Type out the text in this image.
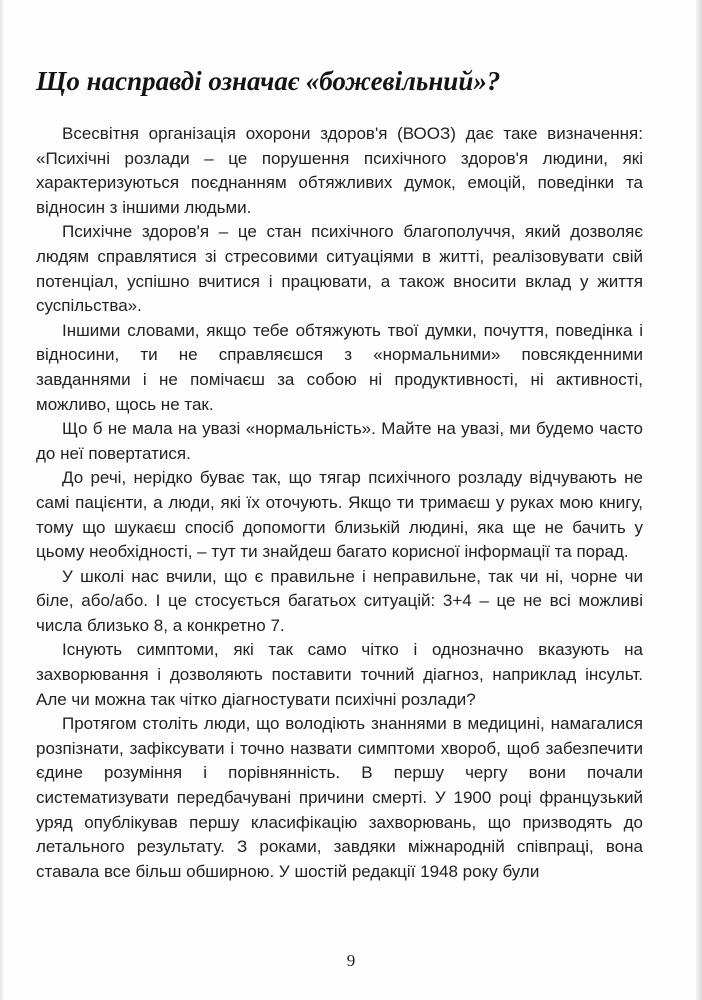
Що насправді означає «божевільний»?

Всесвітня організація охорони здоров'я (ВООЗ) дає таке визначення: «Психічні розлади – це порушення психічного здоров'я людини, які характеризуються поєднанням обтяжливих думок, емоцій, поведінки та відносин з іншими людьми.

Психічне здоров'я – це стан психічного благополуччя, який дозволяє людям справлятися зі стресовими ситуаціями в житті, реалізовувати свій потенціал, успішно вчитися і працювати, а також вносити вклад у життя суспільства».

Іншими словами, якщо тебе обтяжують твої думки, почуття, поведінка і відносини, ти не справляєшся з «нормальними» повсякденними завданнями і не помічаєш за собою ні продуктивності, ні активності, можливо, щось не так.

Що б не мала на увазі «нормальність». Майте на увазі, ми будемо часто до неї повертатися.

До речі, нерідко буває так, що тягар психічного розладу відчувають не самі пацієнти, а люди, які їх оточують. Якщо ти тримаєш у руках мою книгу, тому що шукаєш спосіб допомогти близькій людині, яка ще не бачить у цьому необхідності, – тут ти знайдеш багато корисної інформації та порад.

У школі нас вчили, що є правильне і неправильне, так чи ні, чорне чи біле, або/або. І це стосується багатьох ситуацій: 3+4 – це не всі можливі числа близько 8, а конкретно 7.

Існують симптоми, які так само чітко і однозначно вказують на захворювання і дозволяють поставити точний діагноз, наприклад інсульт. Але чи можна так чітко діагностувати психічні розлади?

Протягом століть люди, що володіють знаннями в медицині, намагалися розпізнати, зафіксувати і точно назвати симптоми хвороб, щоб забезпечити єдине розуміння і порівнянність. В першу чергу вони почали систематизувати передбачувані причини смерті. У 1900 році французький уряд опублікував першу класифікацію захворювань, що призводять до летального результату. З роками, завдяки міжнародній співпраці, вона ставала все більш обширною. У шостій редакції 1948 року були

9
